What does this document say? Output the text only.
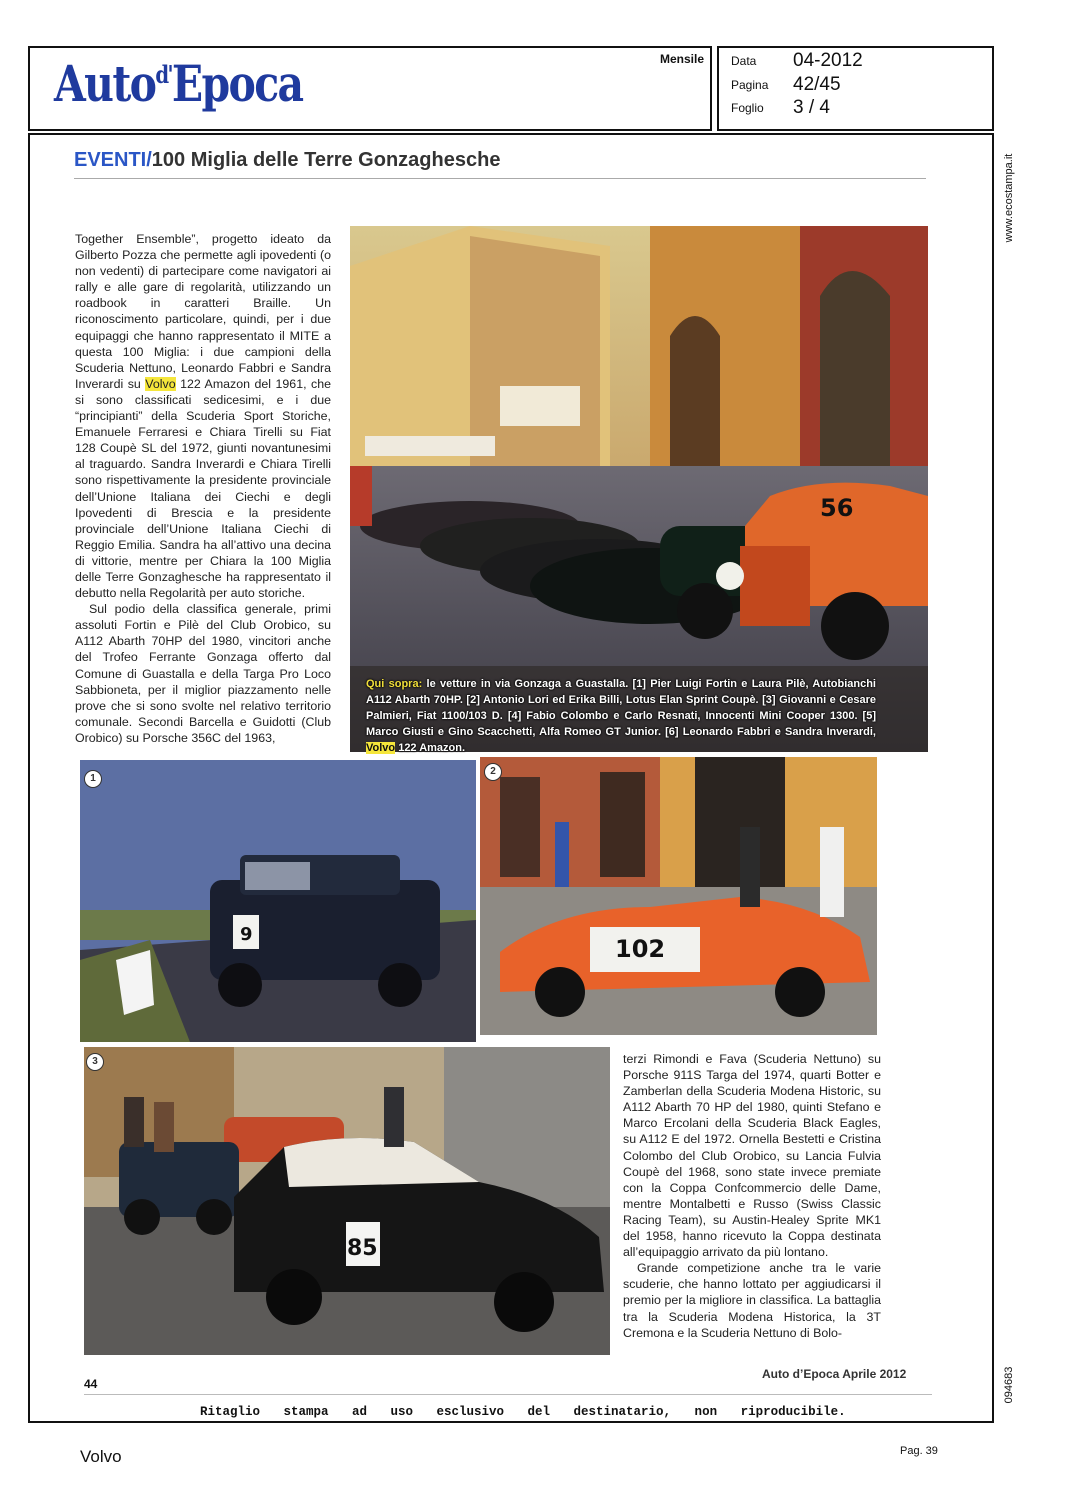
Auto$^{d'}$Epoca	Mensile Data 04-2012
Pagina 42/45
Foglio 3 / 4
www.ecostampa.it
094683
EVENTI/100 Miglia delle Terre Gonzaghesche

Together Ensemble”, progetto ideato da Gilberto Pozza che permette agli ipovedenti (o non vedenti) di partecipare come navigatori ai rally e alle gare di regolarità, utilizzando un roadbook in caratteri Braille. Un riconoscimento particolare, quindi, per i due equipaggi che hanno rappresentato il MITE a questa 100 Miglia: i due campioni della Scuderia Nettuno, Leonardo Fabbri e Sandra Inverardi su Volvo 122 Amazon del 1961, che si sono classificati sedicesimi, e i due “principianti” della Scuderia Sport Storiche, Emanuele Ferraresi e Chiara Tirelli su Fiat 128 Coupè SL del 1972, giunti novantunesimi al traguardo. Sandra Inverardi e Chiara Tirelli sono rispettivamente la presidente provinciale dell’Unione Italiana dei Ciechi e degli Ipovedenti di Brescia e la presidente provinciale dell’Unione Italiana Ciechi di Reggio Emilia. Sandra ha all’attivo una decina di vittorie, mentre per Chiara la 100 Miglia delle Terre Gonzaghesche ha rappresentato il debutto nella Regolarità per auto storiche.

Sul podio della classifica generale, primi assoluti Fortin e Pilè del Club Orobico, su A112 Abarth 70HP del 1980, vincitori anche del Trofeo Ferrante Gonzaga offerto dal Comune di Guastalla e della Targa Pro Loco Sabbioneta, per il miglior piazzamento nelle prove che si sono svolte nel relativo territorio comunale. Secondi Barcella e Guidotti (Club Orobico) su Porsche 356C del 1963,

56
Qui sopra: le vetture in via Gonzaga a Guastalla. [1] Pier Luigi Fortin e Laura Pilè, Autobianchi A112 Abarth 70HP. [2] Antonio Lori ed Erika Billi, Lotus Elan Sprint Coupè. [3] Giovanni e Cesare Palmieri, Fiat 1100/103 D. [4] Fabio Colombo e Carlo Resnati, Innocenti Mini Cooper 1300. [5] Marco Giusti e Gino Scacchetti, Alfa Romeo GT Junior. [6] Leonardo Fabbri e Sandra Inverardi, Volvo 122 Amazon.
9
1
102
2
85
3	terzi Rimondi e Fava (Scuderia Nettuno) su Porsche 911S Targa del 1974, quarti Botter e Zamberlan della Scuderia Modena Historic, su A112 Abarth 70 HP del 1980, quinti Stefano e Marco Ercolani della Scuderia Black Eagles, su A112 E del 1972. Ornella Bestetti e Cristina Colombo del Club Orobico, su Lancia Fulvia Coupè del 1968, sono state invece premiate con la Coppa Confcommercio delle Dame, mentre Montalbetti e Russo (Swiss Classic Racing Team), su Austin-Healey Sprite MK1 del 1958, hanno ricevuto la Coppa destinata all’equipaggio arrivato da più lontano.

Grande competizione anche tra le varie scuderie, che hanno lottato per aggiudicarsi il premio per la migliore in classifica. La battaglia tra la Scuderia Modena Historica, la 3T Cremona e la Scuderia Nettuno di Bolo-

44
Auto d’Epoca Aprile 2012
Ritaglio stampa ad uso esclusivo del destinatario, non riproducibile.
Volvo	Pag. 39
